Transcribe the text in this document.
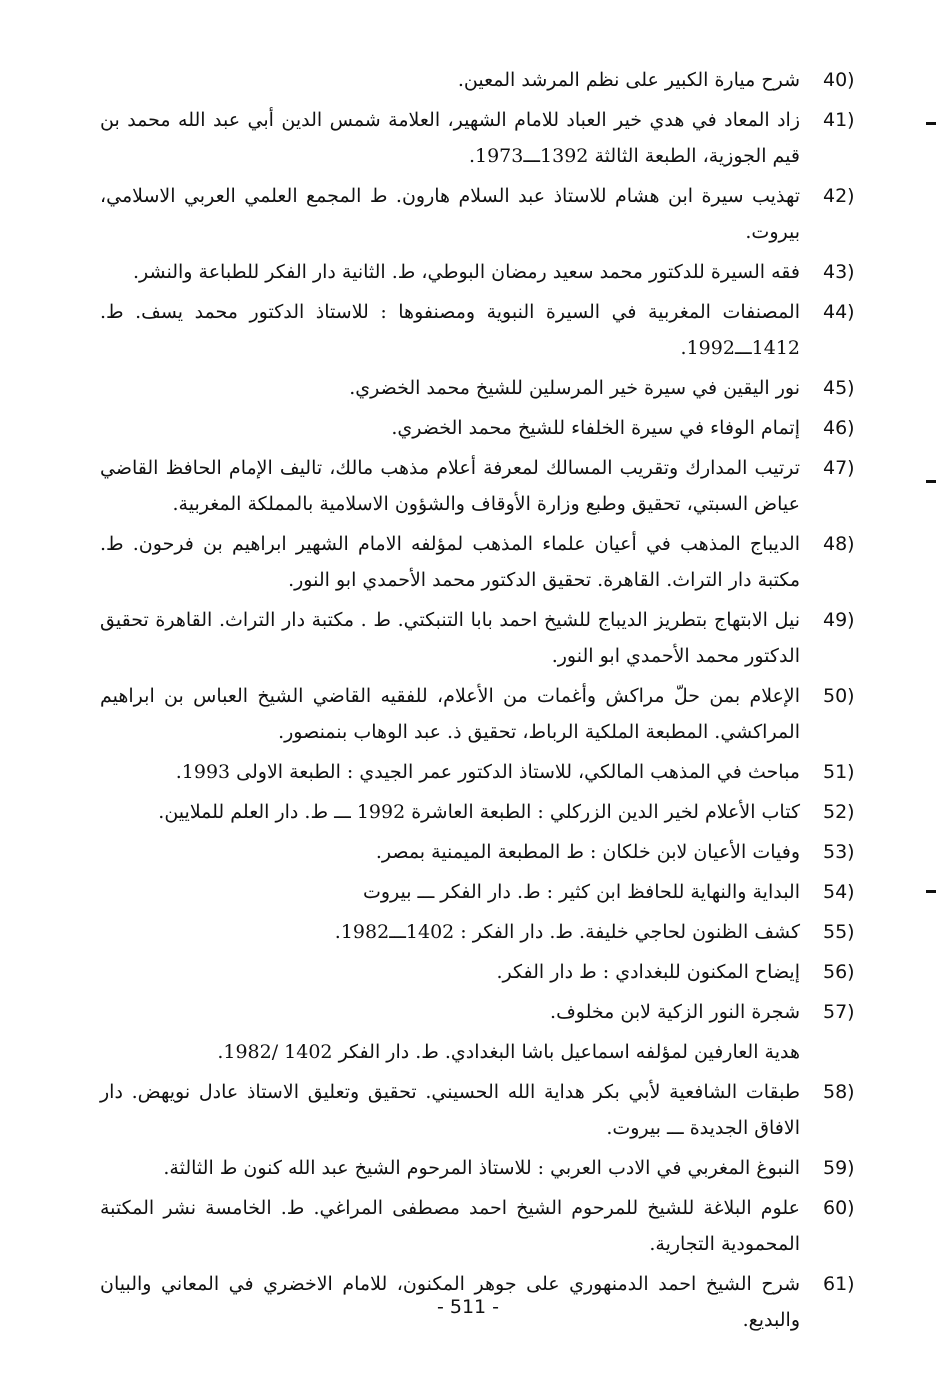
40)
شرح ميارة الكبير على نظم المرشد المعين.
41)
زاد المعاد في هدي خير العباد للامام الشهير، العلامة شمس الدين أبي عبد الله محمد بن قيم الجوزية، الطبعة الثالثة 1392ـــ1973.
42)
تهذيب سيرة ابن هشام للاستاذ عبد السلام هارون. ط المجمع العلمي العربي الاسلامي، بيروت.
43)
فقه السيرة للدكتور محمد سعيد رمضان البوطي، ط. الثانية دار الفكر للطباعة والنشر.
44)
المصنفات المغربية في السيرة النبوية ومصنفوها : للاستاذ الدكتور محمد يسف. ط. 1412ـــ1992.
45)
نور اليقين في سيرة خير المرسلين للشيخ محمد الخضري.
46)
إتمام الوفاء في سيرة الخلفاء للشيخ محمد الخضري.
47)
ترتيب المدارك وتقريب المسالك لمعرفة أعلام مذهب مالك، تاليف الإمام الحافظ القاضي عياض السبتي، تحقيق وطبع وزارة الأوقاف والشؤون الاسلامية بالمملكة المغربية.
48)
الديباج المذهب في أعيان علماء المذهب لمؤلفه الامام الشهير ابراهيم بن فرحون. ط. مكتبة دار التراث. القاهرة. تحقيق الدكتور محمد الأحمدي ابو النور.
49)
نيل الابتهاج بتطريز الديباج للشيخ احمد بابا التنبكتي. ط . مكتبة دار التراث. القاهرة تحقيق الدكتور محمد الأحمدي ابو النور.
50)
الإعلام بمن حلّ مراكش وأغمات من الأعلام، للفقيه القاضي الشيخ العباس بن ابراهيم المراكشي. المطبعة الملكية الرباط، تحقيق ذ. عبد الوهاب بنمنصور.
51)
مباحث في المذهب المالكي، للاستاذ الدكتور عمر الجيدي : الطبعة الاولى 1993.
52)
كتاب الأعلام لخير الدين الزركلي : الطبعة العاشرة 1992 ـــ ط. دار العلم للملايين.
53)
وفيات الأعيان لابن خلكان : ط المطبعة الميمنية بمصر.
54)
البداية والنهاية للحافظ ابن كثير : ط. دار الفكر ـــ بيروت
55)
كشف الظنون لحاجي خليفة. ط. دار الفكر : 1402ـــ1982.
56)
إيضاح المكنون للبغدادي : ط دار الفكر.
57)
شجرة النور الزكية لابن مخلوف.
هدية العارفين لمؤلفه اسماعيل باشا البغدادي. ط. دار الفكر 1402 /1982.
58)
طبقات الشافعية لأبي بكر هداية الله الحسيني. تحقيق وتعليق الاستاذ عادل نويهض. دار الافاق الجديدة ـــ بيروت.
59)
النبوغ المغربي في الادب العربي : للاستاذ المرحوم الشيخ عبد الله كنون ط الثالثة.
60)
علوم البلاغة للشيخ للمرحوم الشيخ احمد مصطفى المراغي. ط. الخامسة نشر المكتبة المحمودية التجارية.
61)
شرح الشيخ احمد الدمنهوري على جوهر المكنون، للامام الاخضري في المعاني والبيان والبديع.
- 511 -
